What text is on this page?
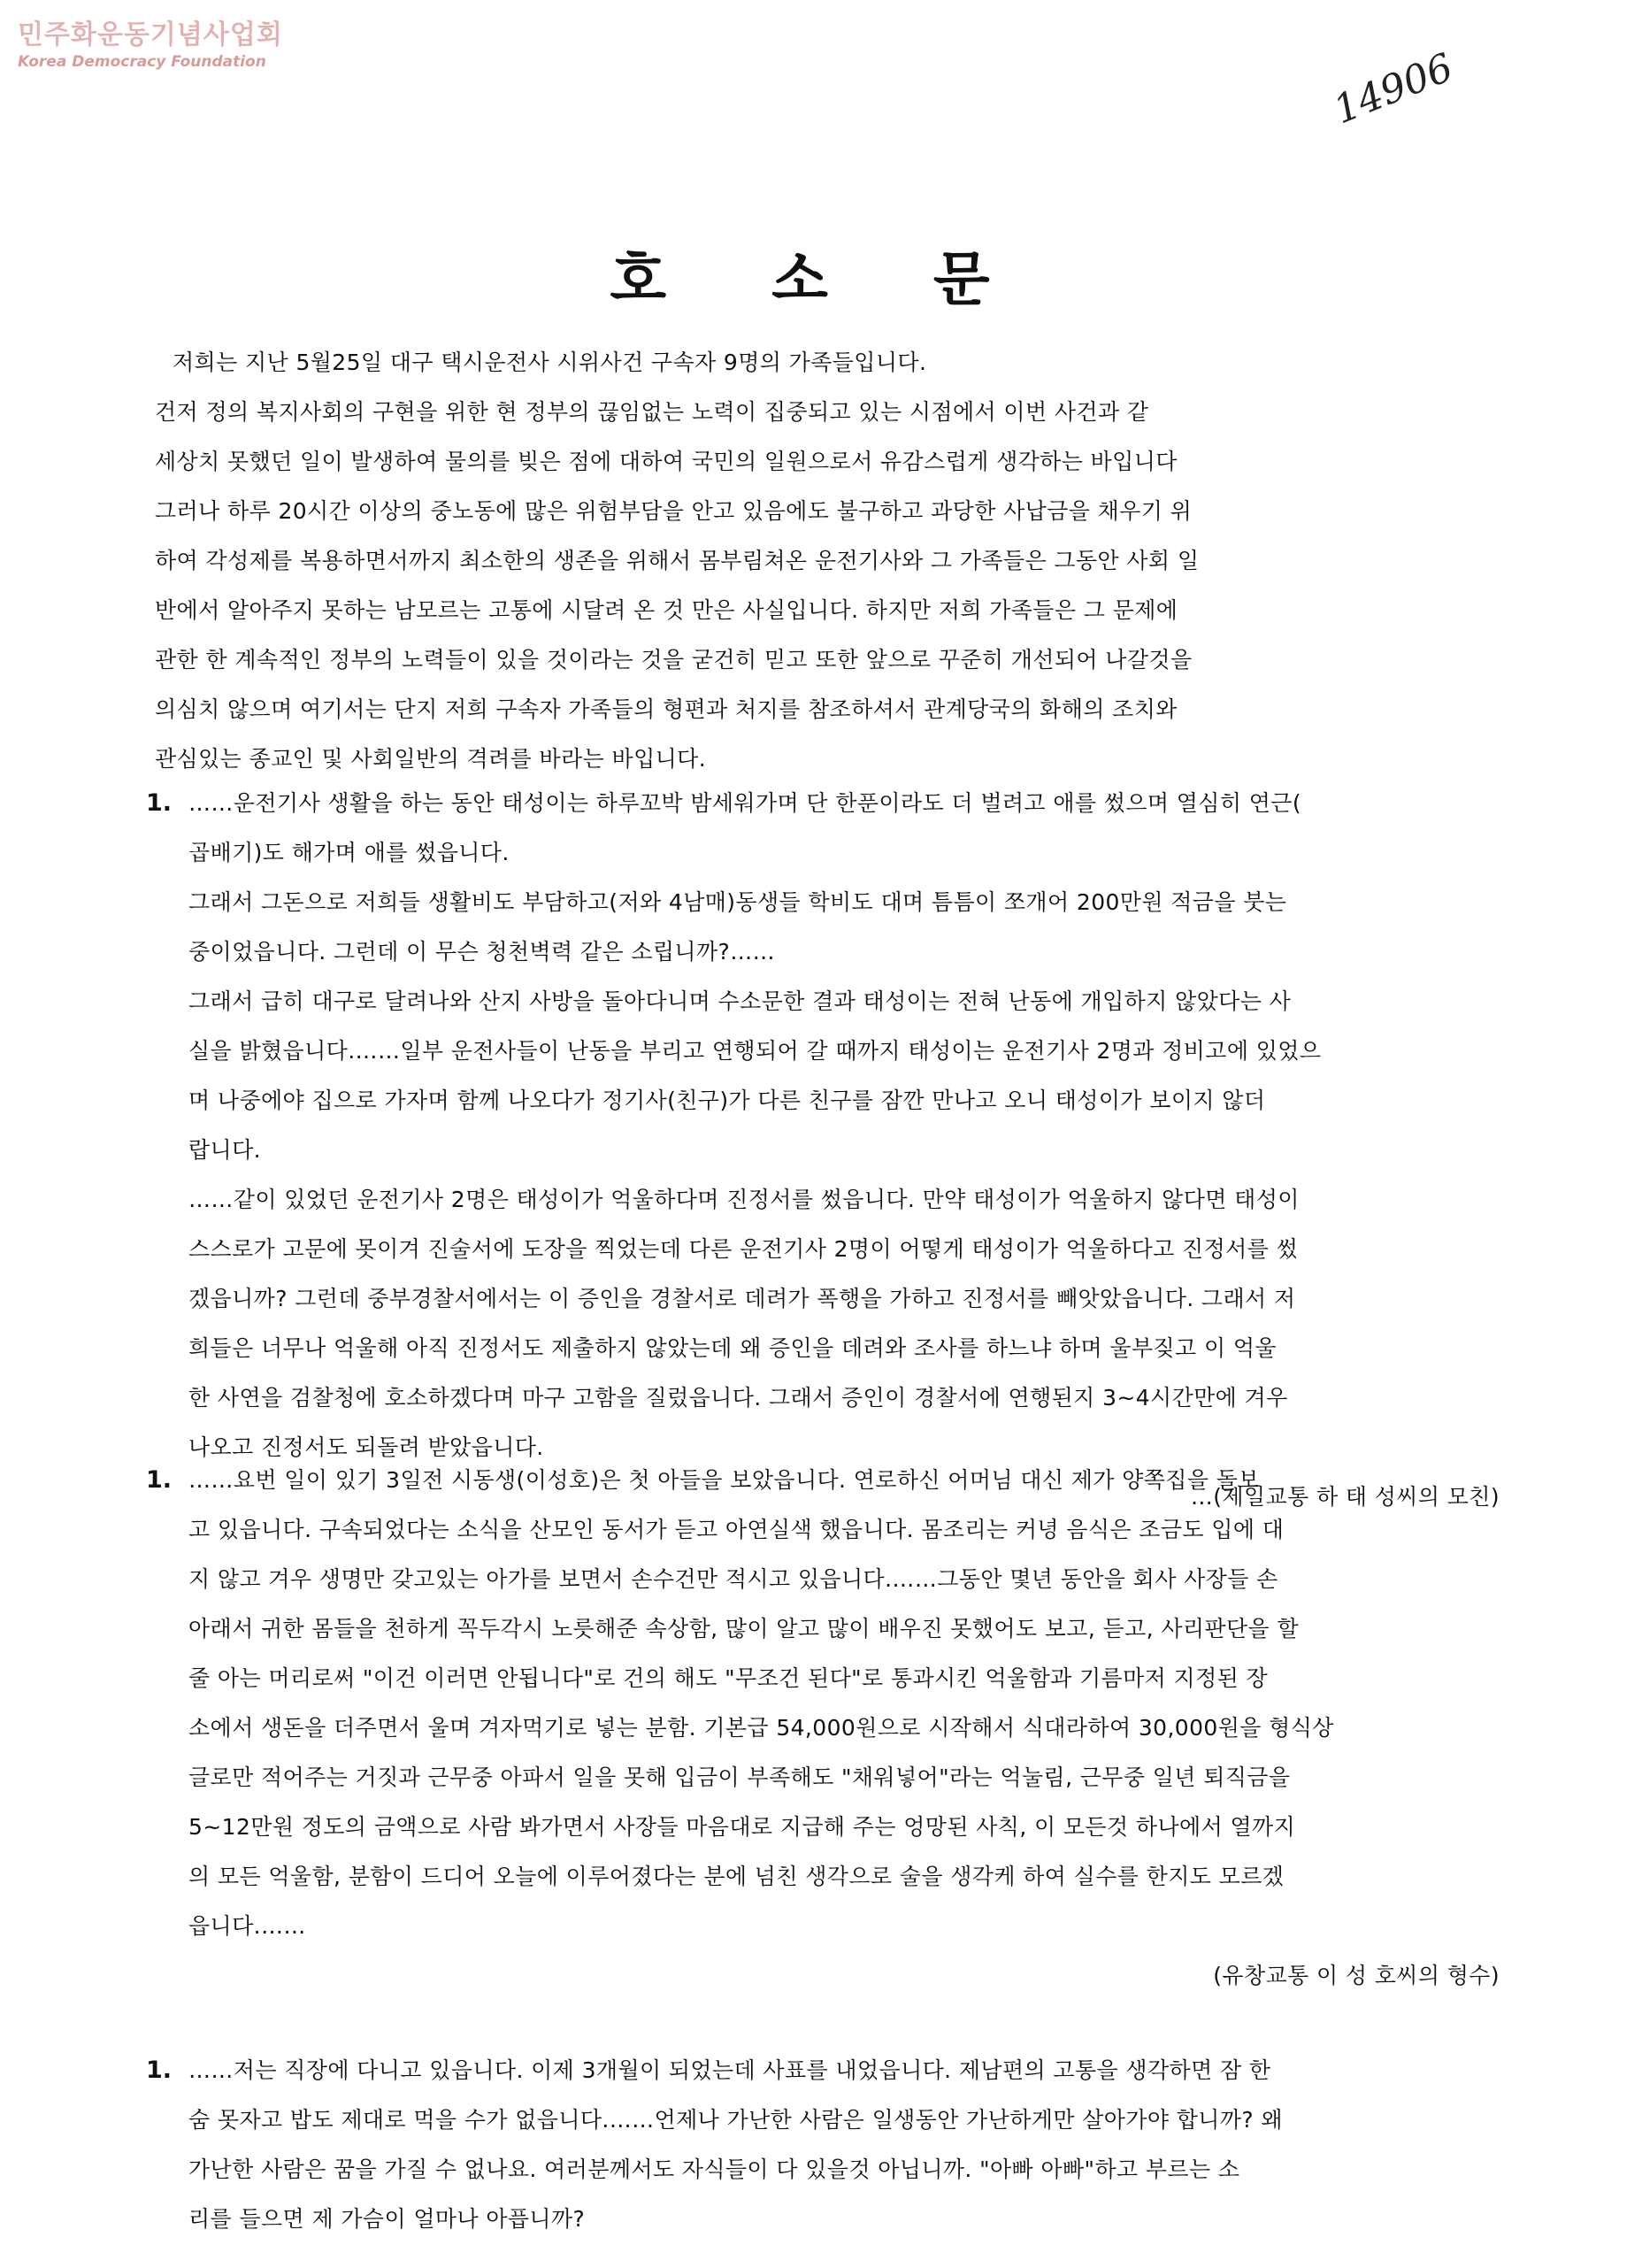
민주화운동기념사업회
Korea Democracy Foundation	14906
호 소 문
저희는 지난 5월25일 대구 택시운전사 시위사건 구속자 9명의 가족들입니다.
건저 정의 복지사회의 구현을 위한 현 정부의 끊임없는 노력이 집중되고 있는 시점에서 이번 사건과 같
세상치 못했던 일이 발생하여 물의를 빚은 점에 대하여 국민의 일원으로서 유감스럽게 생각하는 바입니다
그러나 하루 20시간 이상의 중노동에 많은 위험부담을 안고 있음에도 불구하고 과당한 사납금을 채우기 위
하여 각성제를 복용하면서까지 최소한의 생존을 위해서 몸부림쳐온 운전기사와 그 가족들은 그동안 사회 일
반에서 알아주지 못하는 남모르는 고통에 시달려 온 것 만은 사실입니다. 하지만 저희 가족들은 그 문제에
관한 한 계속적인 정부의 노력들이 있을 것이라는 것을 굳건히 믿고 또한 앞으로 꾸준히 개선되어 나갈것을
의심치 않으며 여기서는 단지 저희 구속자 가족들의 형편과 처지를 참조하셔서 관계당국의 화해의 조치와
관심있는 종교인 및 사회일반의 격려를 바라는 바입니다.
1. ……운전기사 생활을 하는 동안 태성이는 하루꼬박 밤세워가며 단 한푼이라도 더 벌려고 애를 썼으며 열심히 연근(
곱배기)도 해가며 애를 썼읍니다.
그래서 그돈으로 저희들 생활비도 부담하고(저와 4남매)동생들 학비도 대며 틈틈이 쪼개어 200만원 적금을 붓는
중이었읍니다. 그런데 이 무슨 청천벽력 같은 소립니까?……
그래서 급히 대구로 달려나와 산지 사방을 돌아다니며 수소문한 결과 태성이는 전혀 난동에 개입하지 않았다는 사
실을 밝혔읍니다.……일부 운전사들이 난동을 부리고 연행되어 갈 때까지 태성이는 운전기사 2명과 정비고에 있었으
며 나중에야 집으로 가자며 함께 나오다가 정기사(친구)가 다른 친구를 잠깐 만나고 오니 태성이가 보이지 않더
랍니다.
……같이 있었던 운전기사 2명은 태성이가 억울하다며 진정서를 썼읍니다. 만약 태성이가 억울하지 않다면 태성이
스스로가 고문에 못이겨 진술서에 도장을 찍었는데 다른 운전기사 2명이 어떻게 태성이가 억울하다고 진정서를 썼
겠읍니까? 그런데 중부경찰서에서는 이 증인을 경찰서로 데려가 폭행을 가하고 진정서를 빼앗았읍니다. 그래서 저
희들은 너무나 억울해 아직 진정서도 제출하지 않았는데 왜 증인을 데려와 조사를 하느냐 하며 울부짖고 이 억울
한 사연을 검찰청에 호소하겠다며 마구 고함을 질렀읍니다. 그래서 증인이 경찰서에 연행된지 3~4시간만에 겨우
나오고 진정서도 되돌려 받았읍니다.
…(제일교통 하 태 성씨의 모친)
1. ……요번 일이 있기 3일전 시동생(이성호)은 첫 아들을 보았읍니다. 연로하신 어머님 대신 제가 양쪽집을 돌보
고 있읍니다. 구속되었다는 소식을 산모인 동서가 듣고 아연실색 했읍니다. 몸조리는 커녕 음식은 조금도 입에 대
지 않고 겨우 생명만 갖고있는 아가를 보면서 손수건만 적시고 있읍니다.……그동안 몇년 동안을 회사 사장들 손
아래서 귀한 몸들을 천하게 꼭두각시 노릇해준 속상함, 많이 알고 많이 배우진 못했어도 보고, 듣고, 사리판단을 할
줄 아는 머리로써 "이건 이러면 안됩니다"로 건의 해도 "무조건 된다"로 통과시킨 억울함과 기름마저 지정된 장
소에서 생돈을 더주면서 울며 겨자먹기로 넣는 분함. 기본급 54,000원으로 시작해서 식대라하여 30,000원을 형식상
글로만 적어주는 거짓과 근무중 아파서 일을 못해 입금이 부족해도 "채워넣어"라는 억눌림, 근무중 일년 퇴직금을
5~12만원 정도의 금액으로 사람 봐가면서 사장들 마음대로 지급해 주는 엉망된 사칙, 이 모든것 하나에서 열까지
의 모든 억울함, 분함이 드디어 오늘에 이루어졌다는 분에 넘친 생각으로 술을 생각케 하여 실수를 한지도 모르겠
읍니다.……
(유창교통 이 성 호씨의 형수)
1. ……저는 직장에 다니고 있읍니다. 이제 3개월이 되었는데 사표를 내었읍니다. 제남편의 고통을 생각하면 잠 한
숨 못자고 밥도 제대로 먹을 수가 없읍니다.……언제나 가난한 사람은 일생동안 가난하게만 살아가야 합니까? 왜
가난한 사람은 꿈을 가질 수 없나요. 여러분께서도 자식들이 다 있을것 아닙니까. "아빠 아빠"하고 부르는 소
리를 들으면 제 가슴이 얼마나 아픕니까?
